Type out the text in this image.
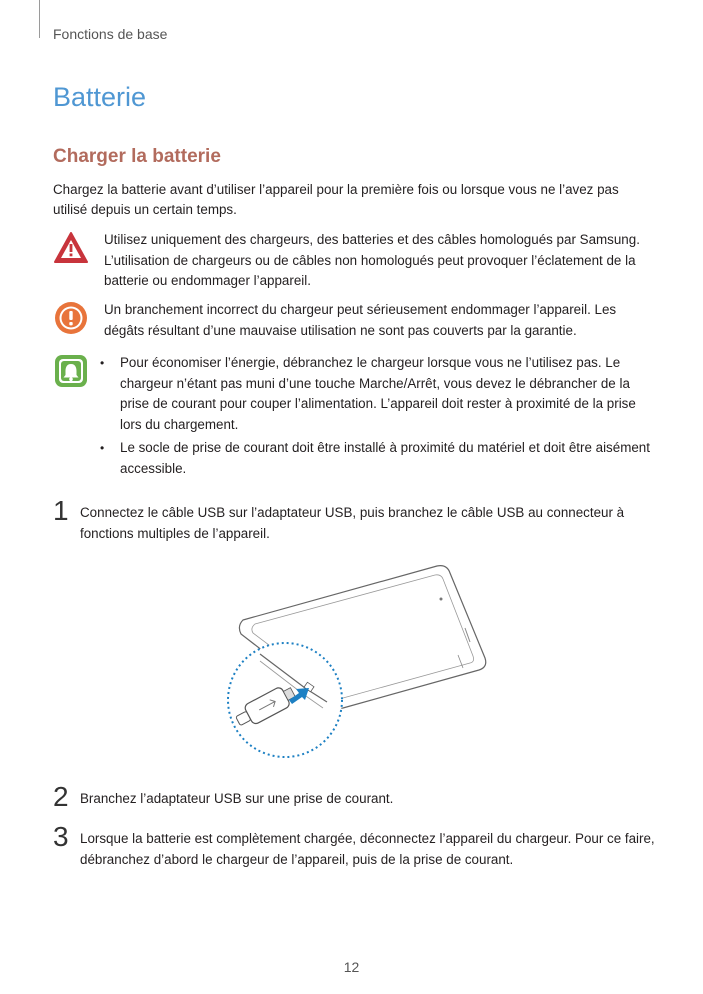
Fonctions de base
Batterie
Charger la batterie

Chargez la batterie avant d’utiliser l’appareil pour la première fois ou lorsque vous ne l’avez pas utilisé depuis un certain temps.

Utilisez uniquement des chargeurs, des batteries et des câbles homologués par Samsung. L’utilisation de chargeurs ou de câbles non homologués peut provoquer l’éclatement de la batterie ou endommager l’appareil.

Un branchement incorrect du chargeur peut sérieusement endommager l’appareil. Les dégâts résultant d’une mauvaise utilisation ne sont pas couverts par la garantie.

• Pour économiser l’énergie, débranchez le chargeur lorsque vous ne l’utilisez pas. Le chargeur n’étant pas muni d’une touche Marche/Arrêt, vous devez le débrancher de la prise de courant pour couper l’alimentation. L’appareil doit rester à proximité de la prise lors du chargement.
• Le socle de prise de courant doit être installé à proximité du matériel et doit être aisément accessible.
1 Connectez le câble USB sur l’adaptateur USB, puis branchez le câble USB au connecteur à fonctions multiples de l’appareil.

2 Branchez l’adaptateur USB sur une prise de courant.

3 Lorsque la batterie est complètement chargée, déconnectez l’appareil du chargeur. Pour ce faire, débranchez d’abord le chargeur de l’appareil, puis de la prise de courant.

12
